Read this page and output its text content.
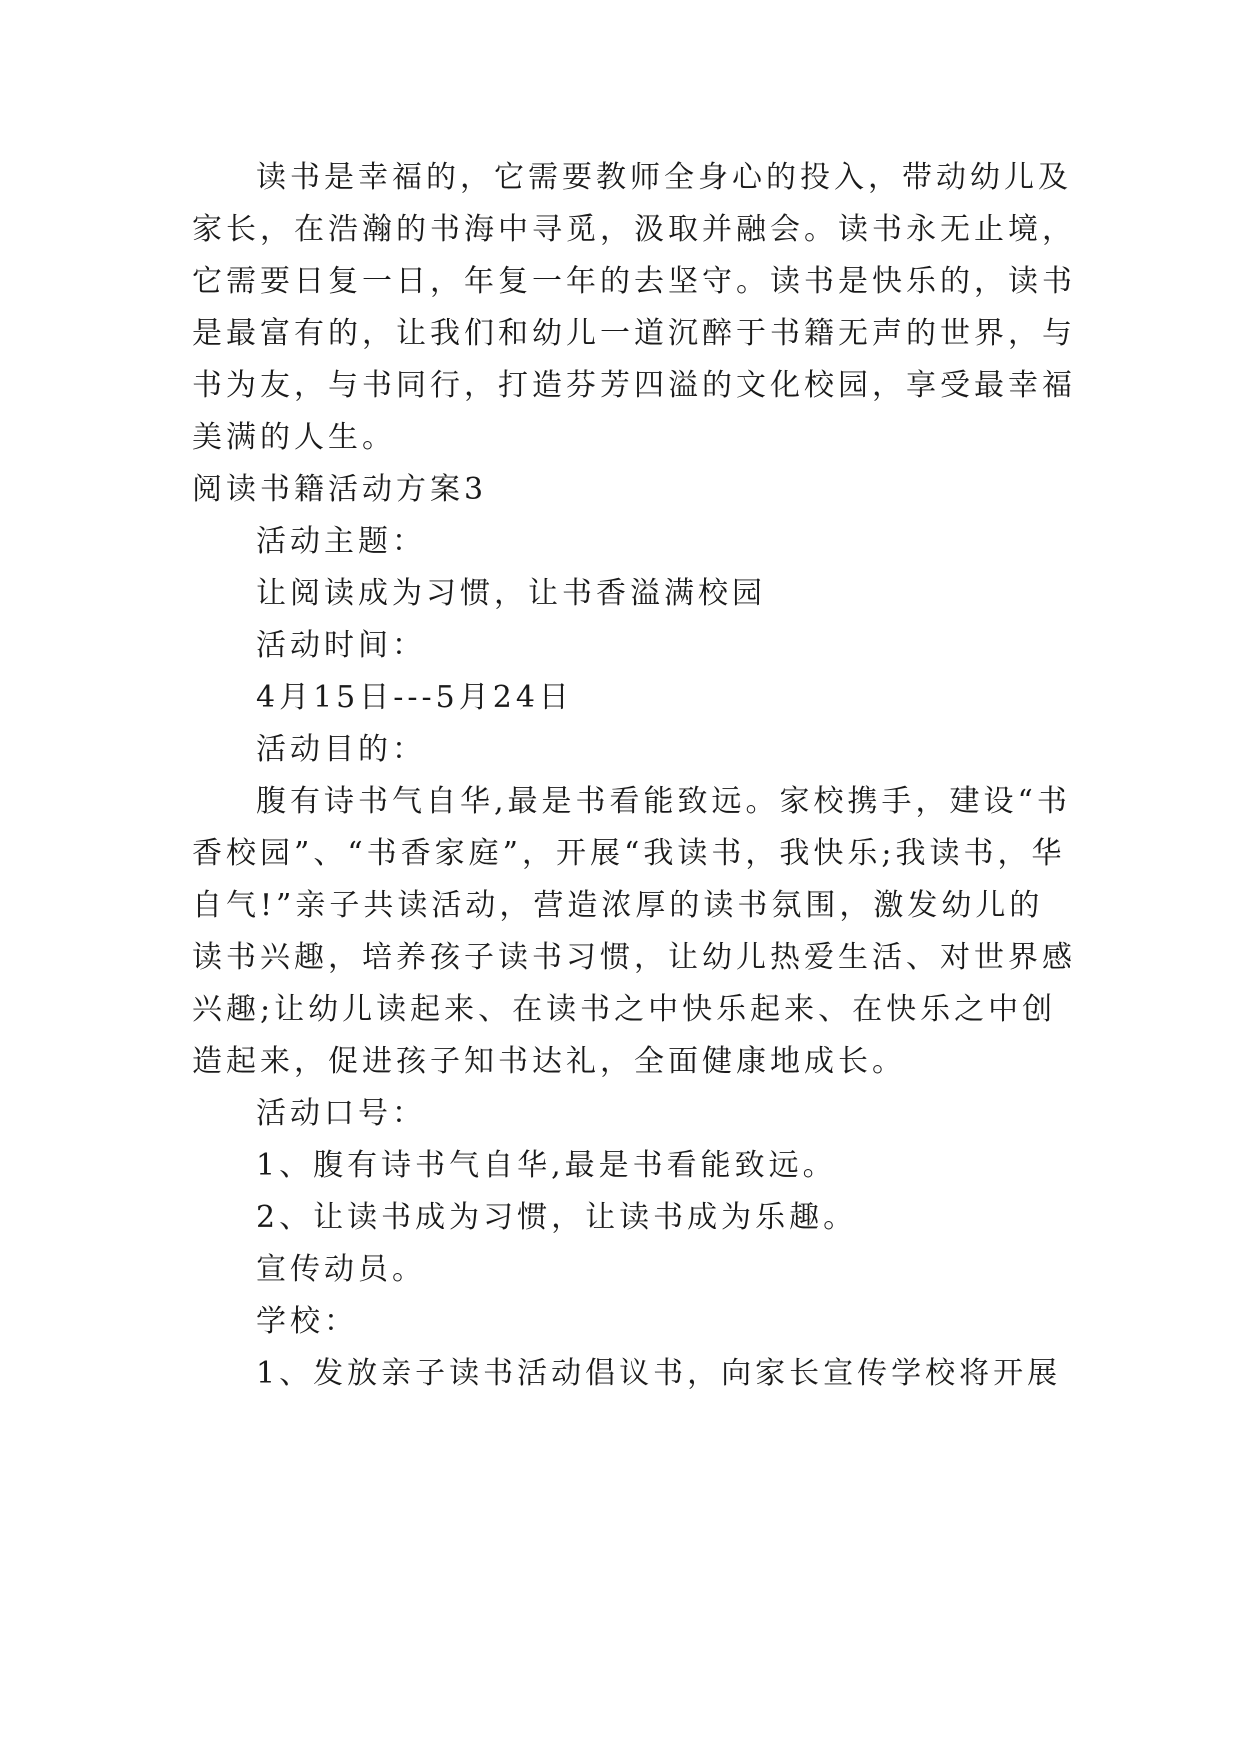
读书是幸福的，它需要教师全身心的投入，带动幼儿及
家长，在浩瀚的书海中寻觅，汲取并融会。读书永无止境，
它需要日复一日，年复一年的去坚守。读书是快乐的，读书
是最富有的，让我们和幼儿一道沉醉于书籍无声的世界，与
书为友，与书同行，打造芬芳四溢的文化校园，享受最幸福
美满的人生。
阅读书籍活动方案3
活动主题：
让阅读成为习惯，让书香溢满校园
活动时间：
4月15日---5月24日
活动目的：
腹有诗书气自华,最是书看能致远。家校携手，建设“书
香校园”、“书香家庭”，开展“我读书，我快乐;我读书，华
自气!”亲子共读活动，营造浓厚的读书氛围，激发幼儿的
读书兴趣，培养孩子读书习惯，让幼儿热爱生活、对世界感
兴趣;让幼儿读起来、在读书之中快乐起来、在快乐之中创
造起来，促进孩子知书达礼，全面健康地成长。
活动口号：
1、腹有诗书气自华,最是书看能致远。
2、让读书成为习惯，让读书成为乐趣。
宣传动员。
学校：
1、发放亲子读书活动倡议书，向家长宣传学校将开展
